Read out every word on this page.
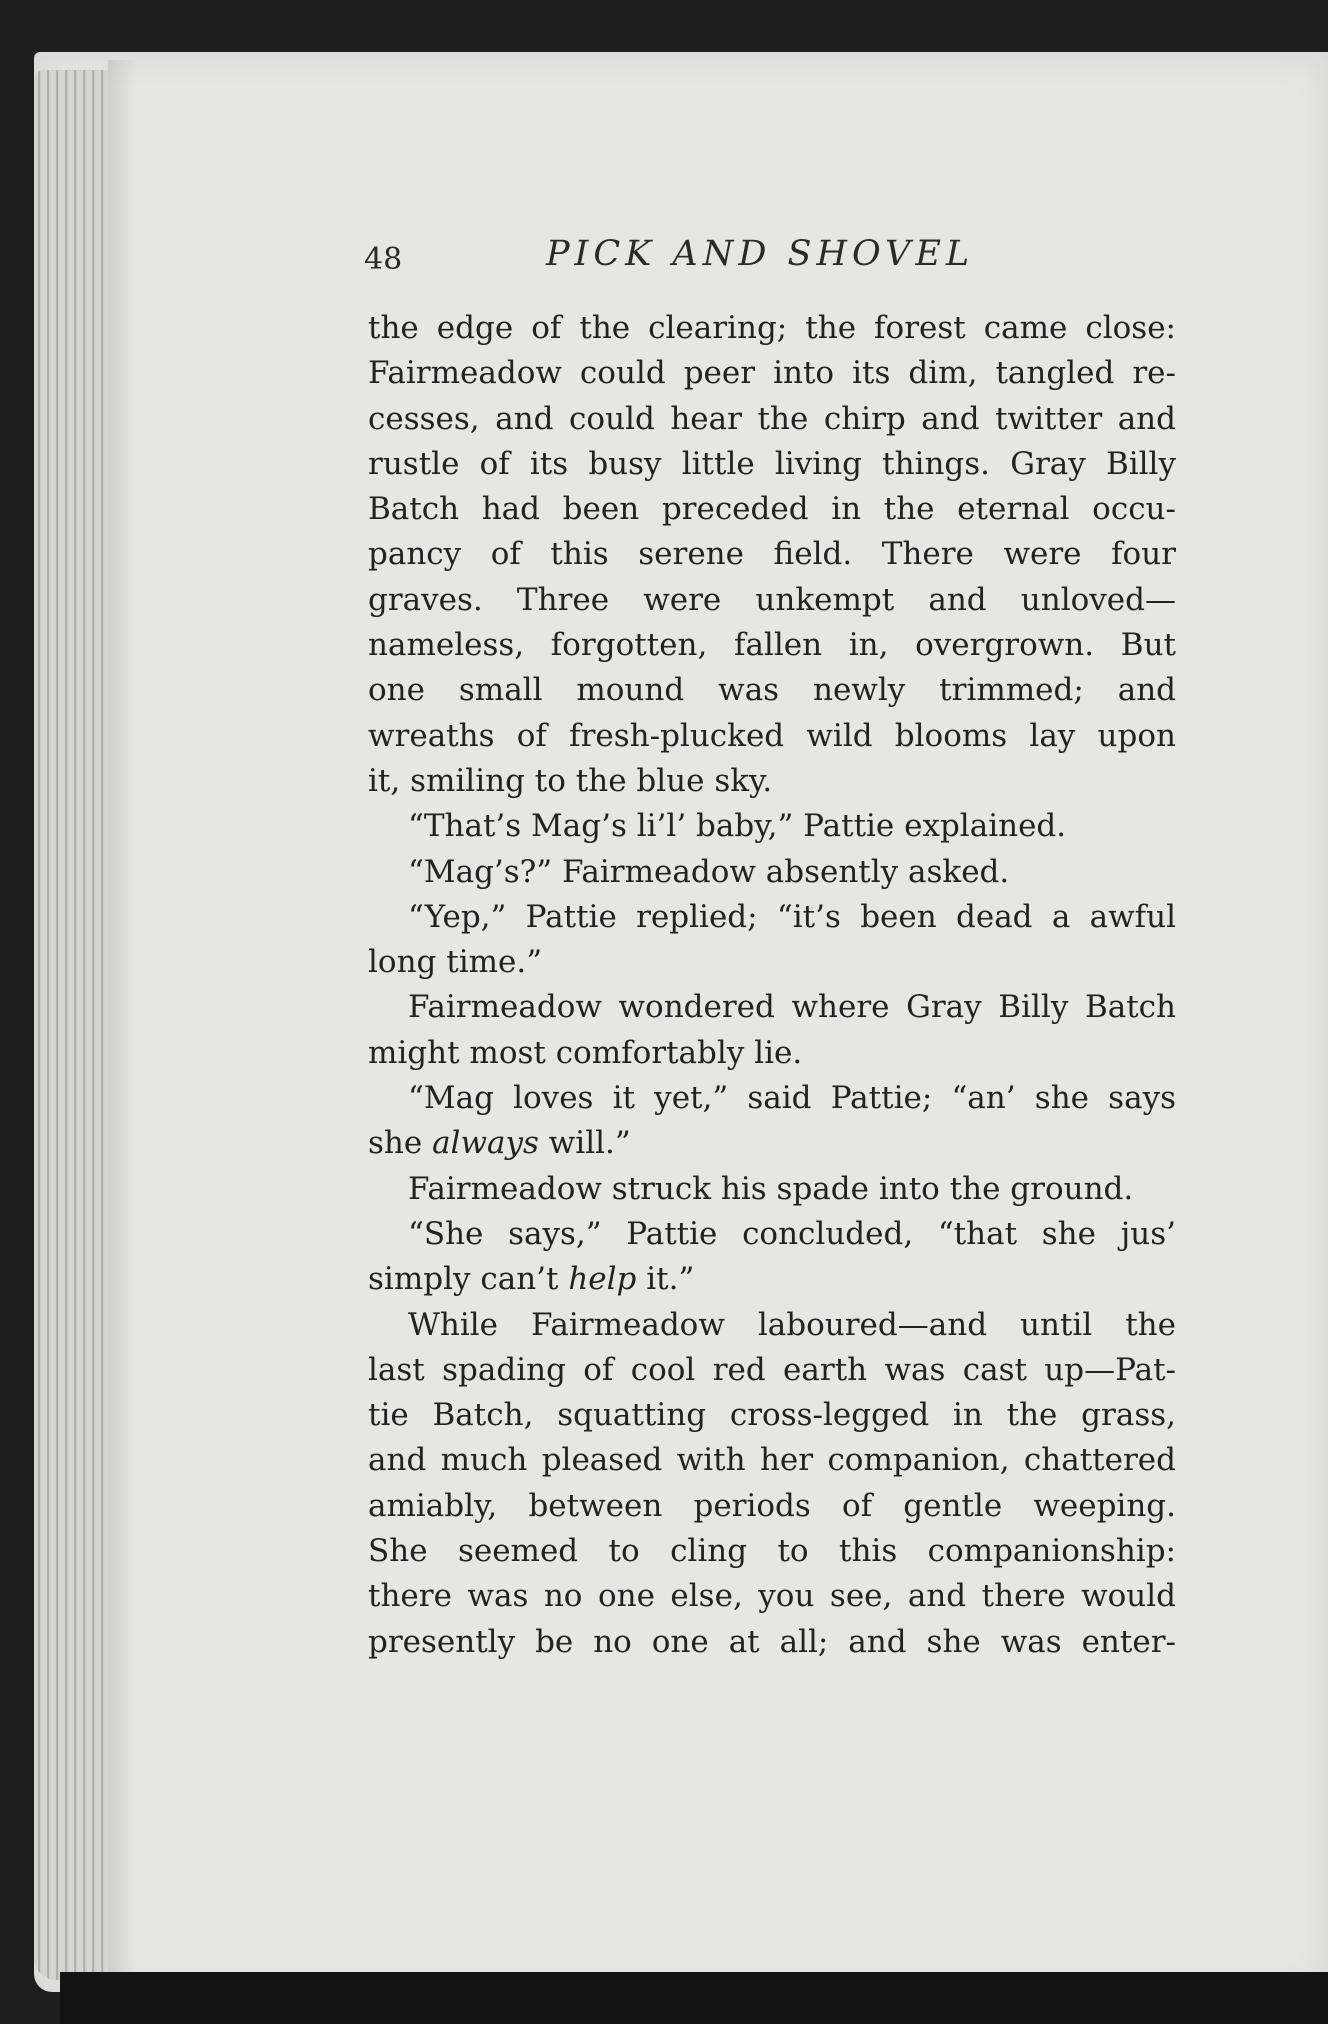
48	PICK AND SHOVEL
the edge of the clearing; the forest came close:
Fairmeadow could peer into its dim, tangled re-
cesses, and could hear the chirp and twitter and
rustle of its busy little living things. Gray Billy
Batch had been preceded in the eternal occu-
pancy of this serene field. There were four
graves. Three were unkempt and unloved—
nameless, forgotten, fallen in, overgrown. But
one small mound was newly trimmed; and
wreaths of fresh-plucked wild blooms lay upon
it, smiling to the blue sky.
“That’s Mag’s li’l’ baby,” Pattie explained.
“Mag’s?” Fairmeadow absently asked.
“Yep,” Pattie replied; “it’s been dead a awful
long time.”
Fairmeadow wondered where Gray Billy Batch
might most comfortably lie.
“Mag loves it yet,” said Pattie; “an’ she says
she always will.”
Fairmeadow struck his spade into the ground.
“She says,” Pattie concluded, “that she jus’
simply can’t help it.”
While Fairmeadow laboured—and until the
last spading of cool red earth was cast up—Pat-
tie Batch, squatting cross-legged in the grass,
and much pleased with her companion, chattered
amiably, between periods of gentle weeping.
She seemed to cling to this companionship:
there was no one else, you see, and there would
presently be no one at all; and she was enter-
